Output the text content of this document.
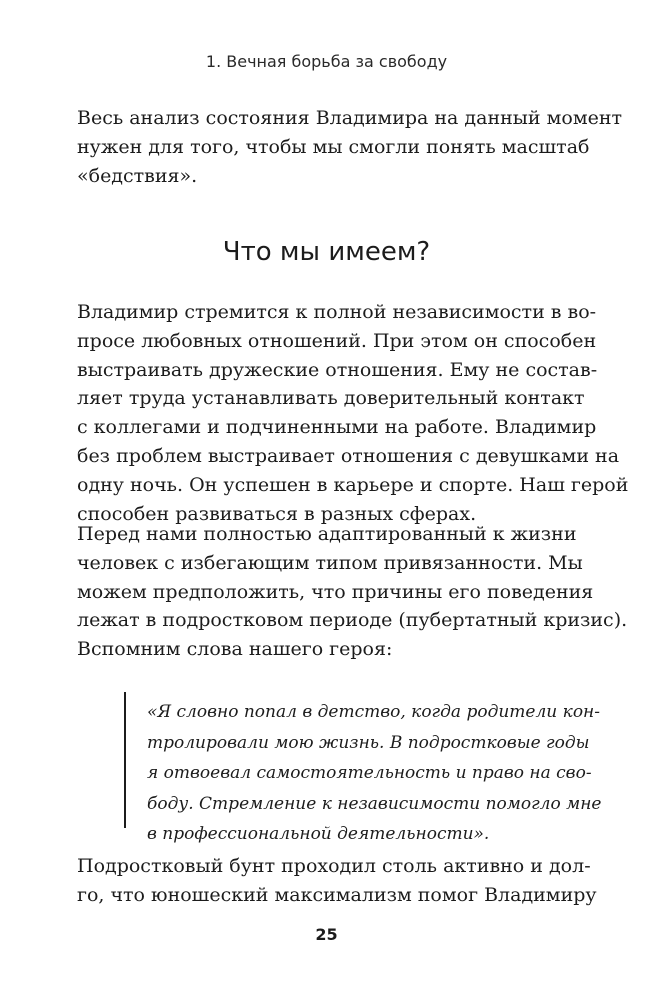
1. Вечная борьба за свободу

Весь анализ состояния Владимира на данный момент
нужен для того, чтобы мы смогли понять масштаб
«бедствия».

Что мы имеем?

Владимир стремится к полной независимости в во-
просе любовных отношений. При этом он способен
выстраивать дружеские отношения. Ему не состав-
ляет труда устанавливать доверительный контакт
с коллегами и подчиненными на работе. Владимир
без проблем выстраивает отношения с девушками на
одну ночь. Он успешен в карьере и спорте. Наш герой
способен развиваться в разных сферах.

Перед нами полностью адаптированный к жизни
человек с избегающим типом привязанности. Мы
можем предположить, что причины его поведения
лежат в подростковом периоде (пубертатный кризис).
Вспомним слова нашего героя:

«Я словно попал в детство, когда родители кон-
тролировали мою жизнь. В подростковые годы
я отвоевал самостоятельность и право на сво-
боду. Стремление к независимости помогло мне
в профессиональной деятельности».

Подростковый бунт проходил столь активно и дол-
го, что юношеский максимализм помог Владимиру

25
